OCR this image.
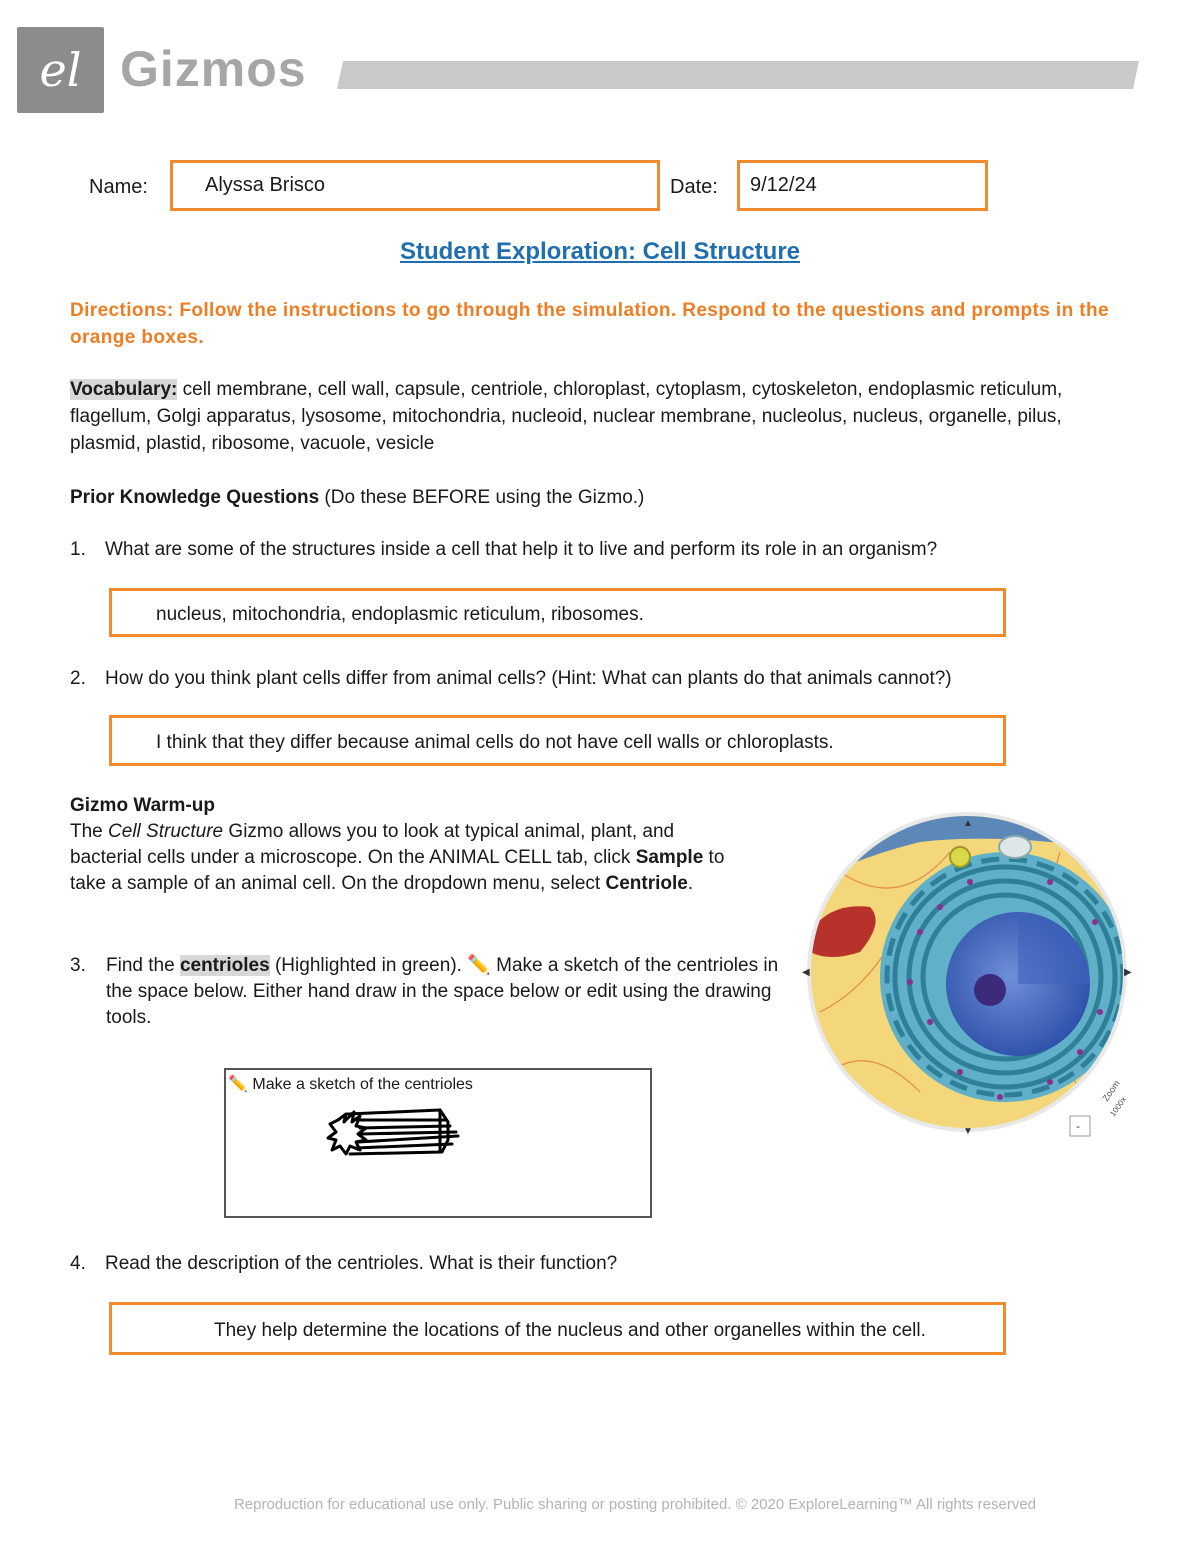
el Gizmos
Name:	Alyssa Brisco	Date:	9/12/24
Student Exploration: Cell Structure
Directions: Follow the instructions to go through the simulation. Respond to the questions and prompts in the orange boxes.
Vocabulary: cell membrane, cell wall, capsule, centriole, chloroplast, cytoplasm, cytoskeleton, endoplasmic reticulum, flagellum, Golgi apparatus, lysosome, mitochondria, nucleoid, nuclear membrane, nucleolus, nucleus, organelle, pilus, plasmid, plastid, ribosome, vacuole, vesicle
Prior Knowledge Questions (Do these BEFORE using the Gizmo.)
1. What are some of the structures inside a cell that help it to live and perform its role in an organism?
nucleus, mitochondria, endoplasmic reticulum, ribosomes.
2. How do you think plant cells differ from animal cells? (Hint: What can plants do that animals cannot?)
I think that they differ because animal cells do not have cell walls or chloroplasts.
Gizmo Warm-up
The Cell Structure Gizmo allows you to look at typical animal, plant, and bacterial cells under a microscope. On the ANIMAL CELL tab, click Sample to take a sample of an animal cell. On the dropdown menu, select Centriole.
3.	Find the centrioles (Highlighted in green). ✏️ Make a sketch of the centrioles in the space below. Either hand draw in the space below or edit using the drawing tools.
✏️ Make a sketch of the centrioles
▲
▼
◀	▶
-
Zoom
1000x
4. Read the description of the centrioles. What is their function?
They help determine the locations of the nucleus and other organelles within the cell.
Reproduction for educational use only. Public sharing or posting prohibited. © 2020 ExploreLearning™ All rights reserved
